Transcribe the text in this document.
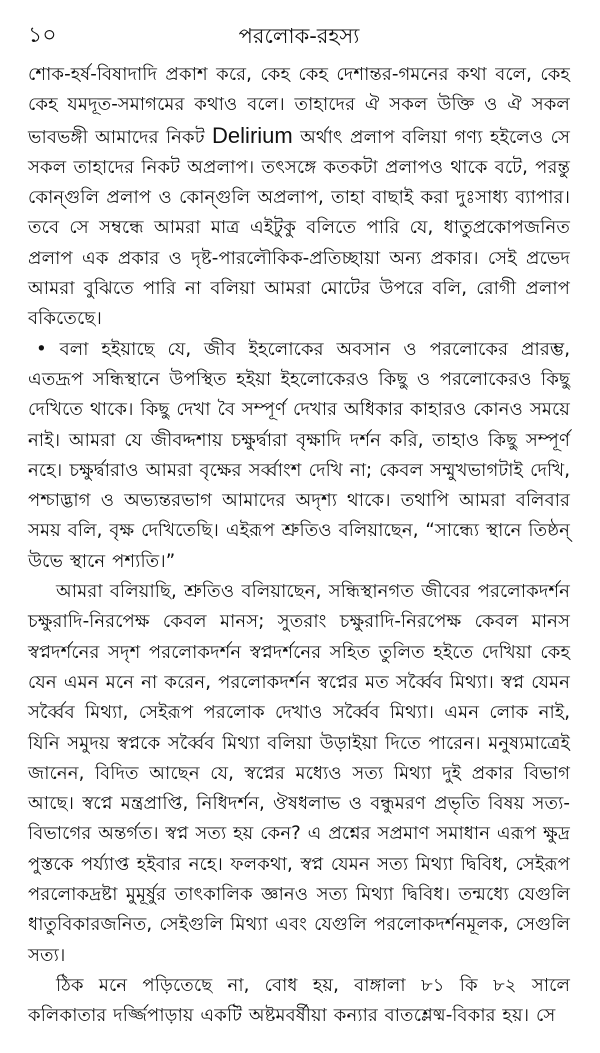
১০	পরলোক-রহস্য

শোক-হর্ষ-বিষাদাদি প্রকাশ করে, কেহ কেহ দেশান্তর-গমনের কথা বলে, কেহ কেহ যমদূত-সমাগমের কথাও বলে। তাহাদের ঐ সকল উক্তি ও ঐ সকল ভাবভঙ্গী আমাদের নিকট Delirium অর্থাৎ প্রলাপ বলিয়া গণ্য হইলেও সে সকল তাহাদের নিকট অপ্রলাপ। তৎসঙ্গে কতকটা প্রলাপও থাকে বটে, পরন্তু কোন্‌গুলি প্রলাপ ও কোন্‌গুলি অপ্রলাপ, তাহা বাছাই করা দুঃসাধ্য ব্যাপার। তবে সে সম্বন্ধে আমরা মাত্র এইটুকু বলিতে পারি যে, ধাতুপ্রকোপজনিত প্রলাপ এক প্রকার ও দৃষ্ট-পারলৌকিক-প্রতিচ্ছায়া অন্য প্রকার। সেই প্রভেদ আমরা বুঝিতে পারি না বলিয়া আমরা মোটের উপরে বলি, রোগী প্রলাপ বকিতেছে।

• বলা হইয়াছে যে, জীব ইহলোকের অবসান ও পরলোকের প্রারম্ভ, এতদ্রূপ সন্ধিস্থানে উপস্থিত হইয়া ইহলোকেরও কিছু ও পরলোকেরও কিছু দেখিতে থাকে। কিছু দেখা বৈ সম্পূর্ণ দেখার অধিকার কাহারও কোনও সময়ে নাই। আমরা যে জীবদ্দশায় চক্ষুর্দ্বারা বৃক্ষাদি দর্শন করি, তাহাও কিছু সম্পূর্ণ নহে। চক্ষুর্দ্বারাও আমরা বৃক্ষের সর্ব্বাংশ দেখি না; কেবল সম্মুখভাগটাই দেখি, পশ্চাদ্ভাগ ও অভ্যন্তরভাগ আমাদের অদৃশ্য থাকে। তথাপি আমরা বলিবার সময় বলি, বৃক্ষ দেখিতেছি। এইরূপ শ্রুতিও বলিয়াছেন, “সান্ধ্যে স্থানে তিষ্ঠন্ উভে স্থানে পশ্যতি।”

আমরা বলিয়াছি, শ্রুতিও বলিয়াছেন, সন্ধিস্থানগত জীবের পরলোকদর্শন চক্ষুরাদি-নিরপেক্ষ কেবল মানস; সুতরাং চক্ষুরাদি-নিরপেক্ষ কেবল মানস স্বপ্নদর্শনের সদৃশ পরলোকদর্শন স্বপ্নদর্শনের সহিত তুলিত হইতে দেখিয়া কেহ যেন এমন মনে না করেন, পরলোকদর্শন স্বপ্নের মত সর্ব্বৈব মিথ্যা। স্বপ্ন যেমন সর্ব্বৈব মিথ্যা, সেইরূপ পরলোক দেখাও সর্ব্বৈব মিথ্যা। এমন লোক নাই, যিনি সমুদয় স্বপ্নকে সর্ব্বৈব মিথ্যা বলিয়া উড়াইয়া দিতে পারেন। মনুষ্যমাত্রেই জানেন, বিদিত আছেন যে, স্বপ্নের মধ্যেও সত্য মিথ্যা দুই প্রকার বিভাগ আছে। স্বপ্নে মন্ত্রপ্রাপ্তি, নিধিদর্শন, ঔষধলাভ ও বন্ধুমরণ প্রভৃতি বিষয় সত্য-বিভাগের অন্তর্গত। স্বপ্ন সত্য হয় কেন? এ প্রশ্নের সপ্রমাণ সমাধান এরূপ ক্ষুদ্র পুস্তকে পর্য্যাপ্ত হইবার নহে। ফলকথা, স্বপ্ন যেমন সত্য মিথ্যা দ্বিবিধ, সেইরূপ পরলোকদ্রষ্টা মুমূর্ষুর তাৎকালিক জ্ঞানও সত্য মিথ্যা দ্বিবিধ। তন্মধ্যে যেগুলি ধাতুবিকারজনিত, সেইগুলি মিথ্যা এবং যেগুলি পরলোকদর্শনমূলক, সেগুলি সত্য।

ঠিক মনে পড়িতেছে না, বোধ হয়, বাঙ্গালা ৮১ কি ৮২ সালে কলিকাতার দর্জ্জিপাড়ায় একটি অষ্টমবর্ষীয়া কন্যার বাতশ্লেষ্ম-বিকার হয়। সে
